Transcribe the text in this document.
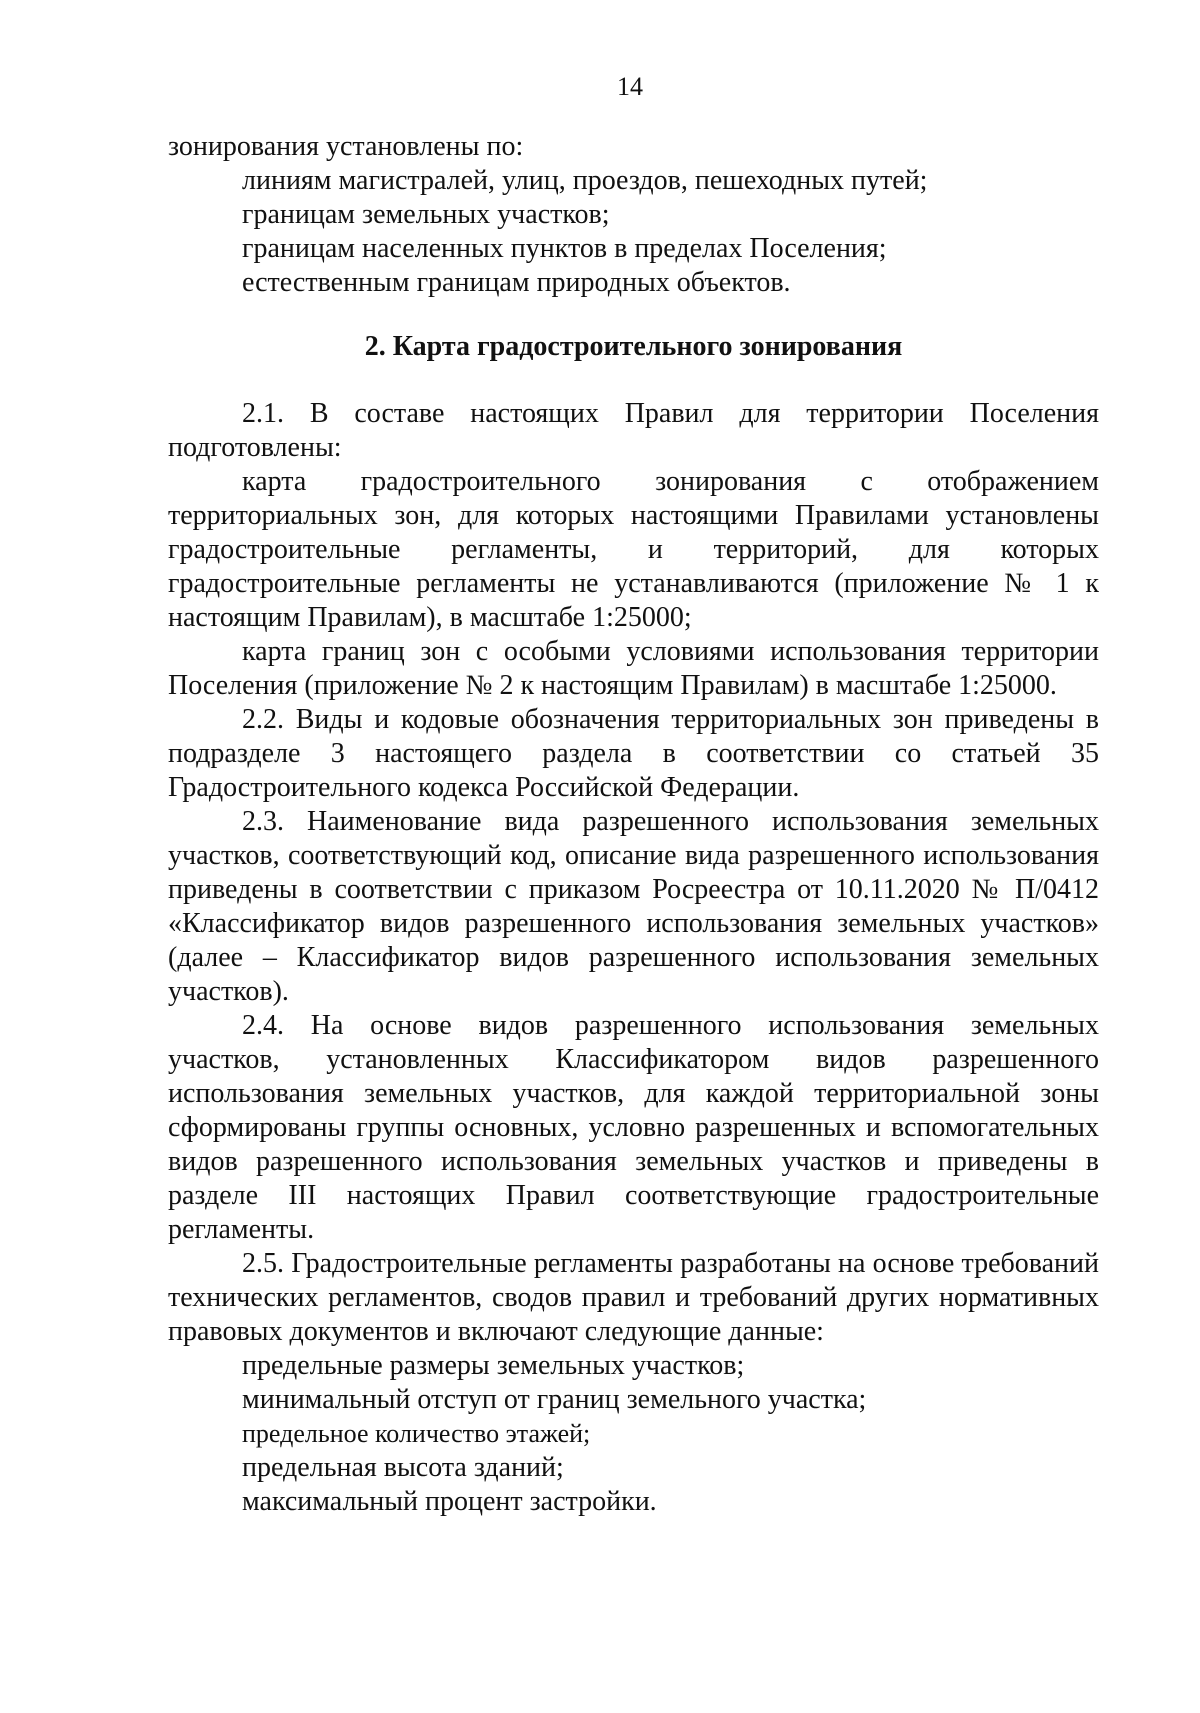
14

зонирования установлены по:

линиям магистралей, улиц, проездов, пешеходных путей;

границам земельных участков;

границам населенных пунктов в пределах Поселения;

естественным границам природных объектов.

2. Карта градостроительного зонирования

2.1. В составе настоящих Правил для территории Поселения подготовлены:

карта градостроительного зонирования с отображением территориальных зон, для которых настоящими Правилами установлены градостроительные регламенты, и территорий, для которых градостроительные регламенты не устанавливаются (приложение № 1 к настоящим Правилам), в масштабе 1:25000;

карта границ зон с особыми условиями использования территории Поселения (приложение № 2 к настоящим Правилам) в масштабе 1:25000.

2.2. Виды и кодовые обозначения территориальных зон приведены в подразделе 3 настоящего раздела в соответствии со статьей 35 Градостроительного кодекса Российской Федерации.

2.3. Наименование вида разрешенного использования земельных участков, соответствующий код, описание вида разрешенного использования приведены в соответствии с приказом Росреестра от 10.11.2020 № П/0412 «Классификатор видов разрешенного использования земельных участков» (далее – Классификатор видов разрешенного использования земельных участков).

2.4. На основе видов разрешенного использования земельных участков, установленных Классификатором видов разрешенного использования земельных участков, для каждой территориальной зоны сформированы группы основных, условно разрешенных и вспомогательных видов разрешенного использования земельных участков и приведены в разделе III настоящих Правил соответствующие градостроительные регламенты.

2.5. Градостроительные регламенты разработаны на основе требований технических регламентов, сводов правил и требований других нормативных правовых документов и включают следующие данные:

предельные размеры земельных участков;

минимальный отступ от границ земельного участка;

предельное количество этажей;

предельная высота зданий;

максимальный процент застройки.
